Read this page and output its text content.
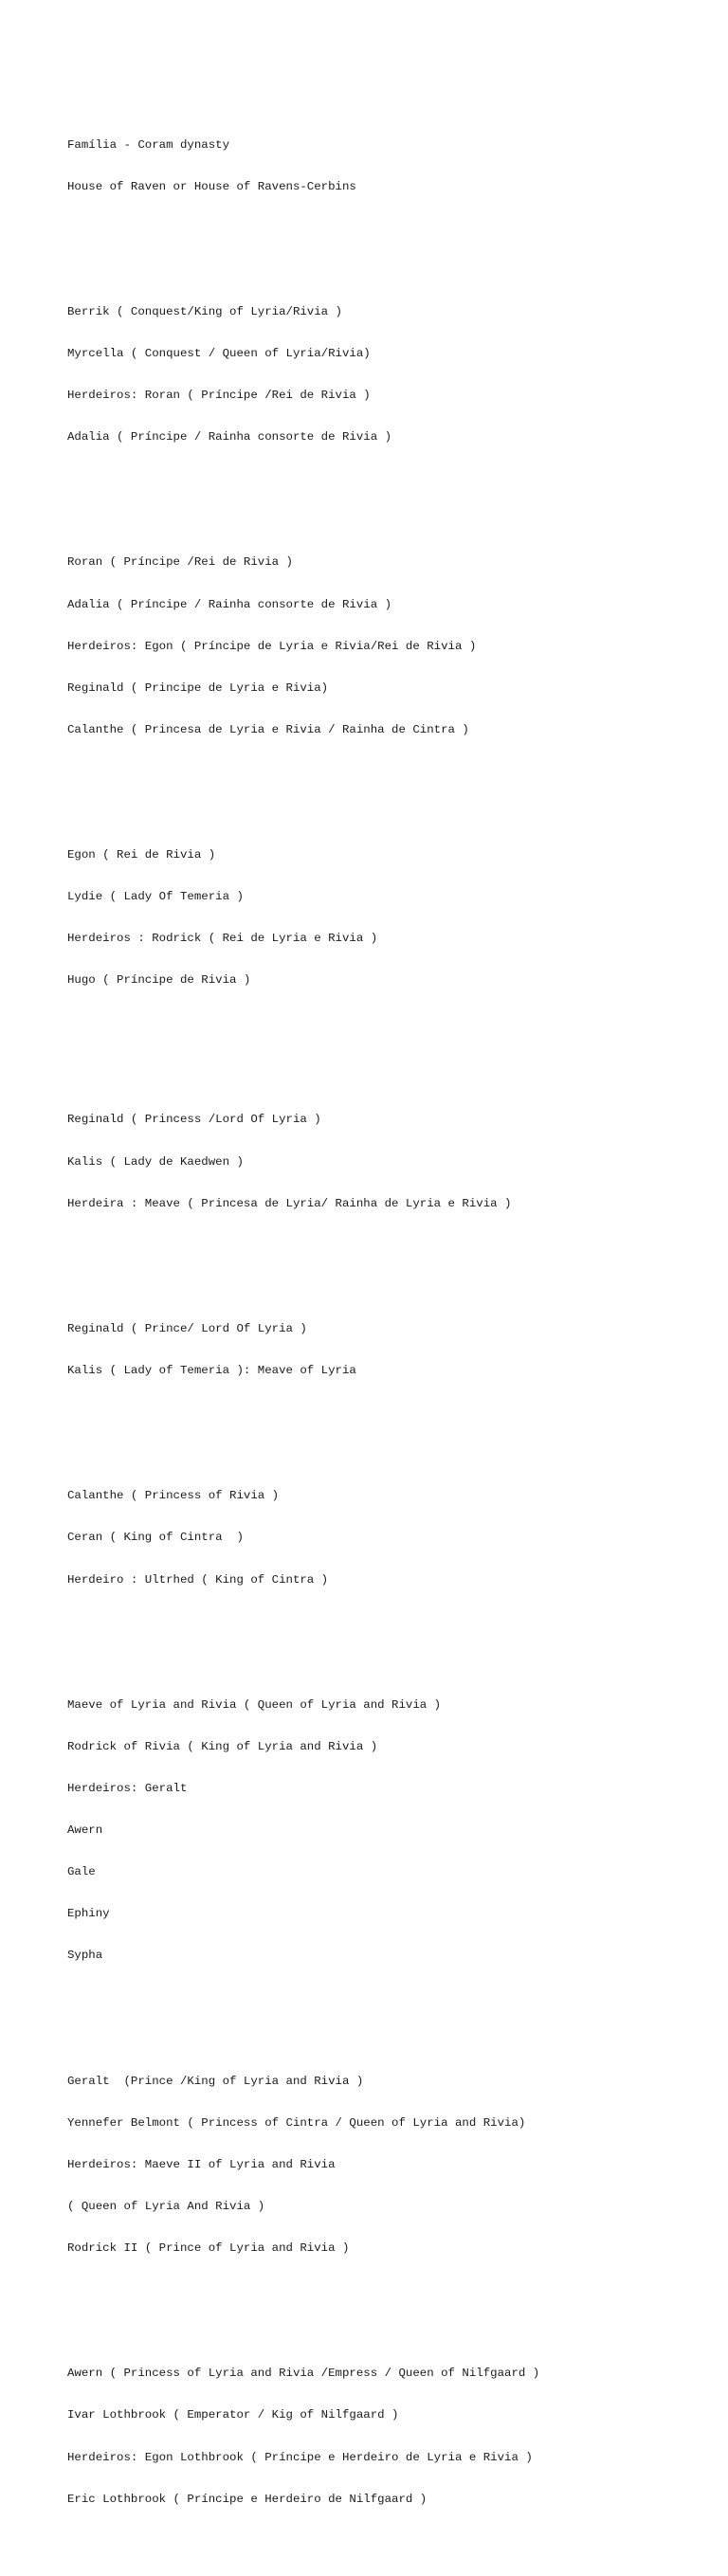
Família - Coram dynasty

House of Raven or House of Ravens-Cerbins

Berrik ( Conquest/King of Lyria/Rivia )

Myrcella ( Conquest / Queen of Lyria/Rivia)

Herdeiros: Roran ( Príncipe /Rei de Rivia )

Adalia ( Príncipe / Rainha consorte de Rivia )

Roran ( Príncipe /Rei de Rivia )

Adalia ( Príncipe / Rainha consorte de Rivia )

Herdeiros: Egon ( Príncipe de Lyria e Rivia/Rei de Rivia )

Reginald ( Principe de Lyria e Rivia)

Calanthe ( Princesa de Lyria e Rivia / Rainha de Cintra )

Egon ( Rei de Rivia )

Lydie ( Lady Of Temeria )

Herdeiros : Rodrick ( Rei de Lyria e Rivia )

Hugo ( Príncipe de Rivia )

Reginald ( Princess /Lord Of Lyria )

Kalis ( Lady de Kaedwen )

Herdeira : Meave ( Princesa de Lyria/ Rainha de Lyria e Rivia )

Reginald ( Prince/ Lord Of Lyria )

Kalis ( Lady of Temeria ): Meave of Lyria

Calanthe ( Princess of Rivia )

Ceran ( King of Cintra  )

Herdeiro : Ultrhed ( King of Cintra )

Maeve of Lyria and Rivia ( Queen of Lyria and Rivia )

Rodrick of Rivia ( King of Lyria and Rivia )

Herdeiros: Geralt

Awern

Gale

Ephiny

Sypha

Geralt  (Prince /King of Lyria and Rivia )

Yennefer Belmont ( Princess of Cintra / Queen of Lyria and Rivia)

Herdeiros: Maeve II of Lyria and Rivia

( Queen of Lyria And Rivia )

Rodrick II ( Prince of Lyria and Rivia )

Awern ( Princess of Lyria and Rivia /Empress / Queen of Nilfgaard )

Ivar Lothbrook ( Emperator / Kig of Nilfgaard )

Herdeiros: Egon Lothbrook ( Príncipe e Herdeiro de Lyria e Rivia )

Eric Lothbrook ( Príncipe e Herdeiro de Nilfgaard )
